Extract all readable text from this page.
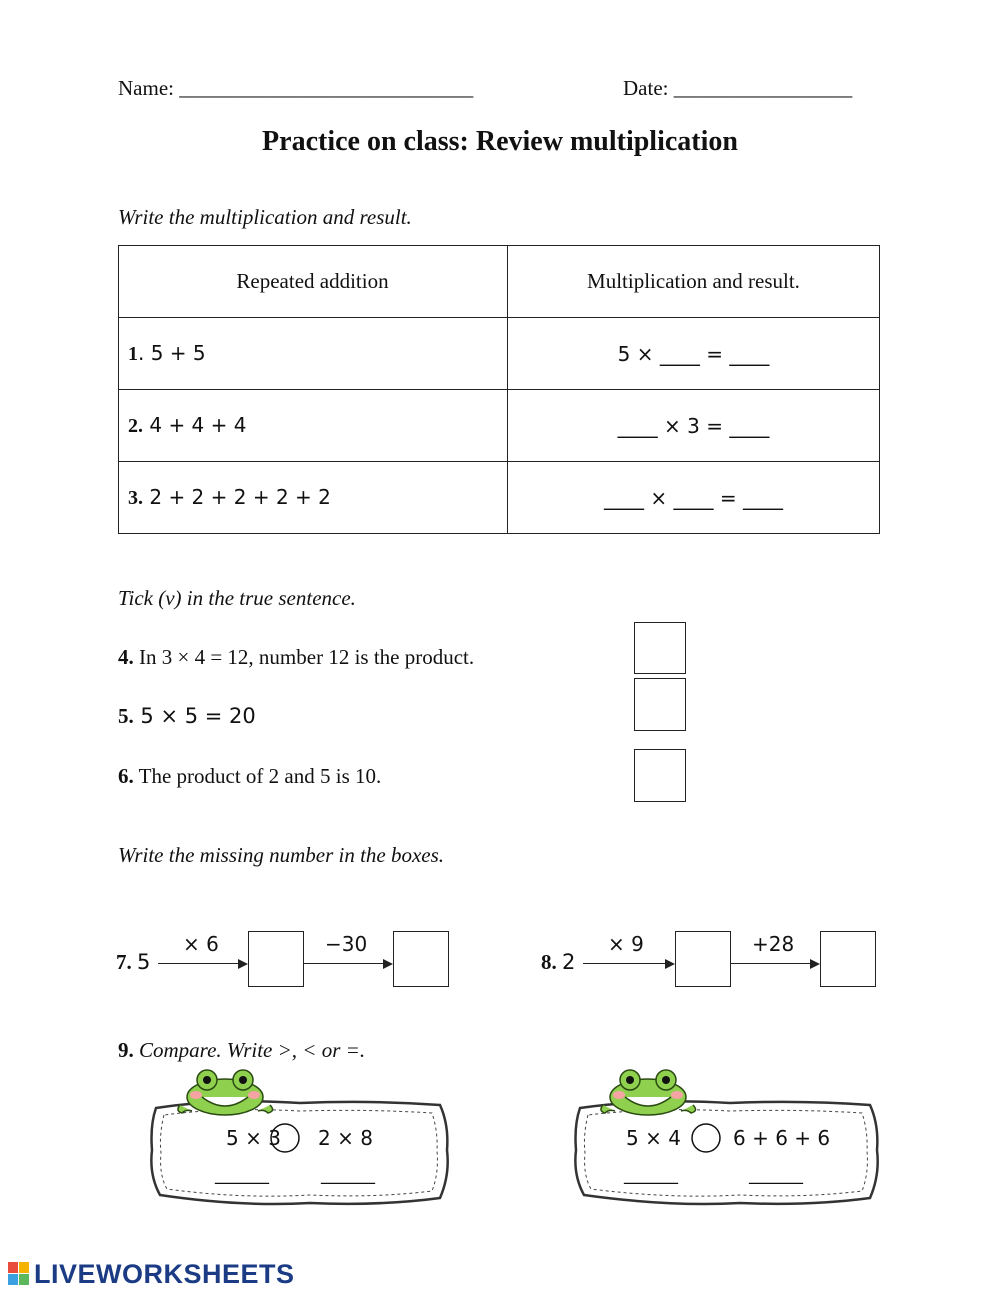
Name: ____________________________	Date: _________________
Practice on class: Review multiplication
Write the multiplication and result.
Repeated addition	Multiplication and result.
1. 5 + 5	5 × ____ = ____
2. 4 + 4 + 4	____ × 3 = ____
3. 2 + 2 + 2 + 2 + 2	____ × ____ = ____
Tick (v) in the true sentence.
4. In 3 × 4 = 12, number 12 is the product.
5. 5 × 5 = 20
6. The product of 2 and 5 is 10.
Write the missing number in the boxes.
7. 5
× 6	−30
8. 2
× 9	+28
9. Compare. Write >, < or =.
5 × 3 2 × 8
______	______
5 × 4	6 + 6 + 6
______	______
LIVEWORKSHEETS
